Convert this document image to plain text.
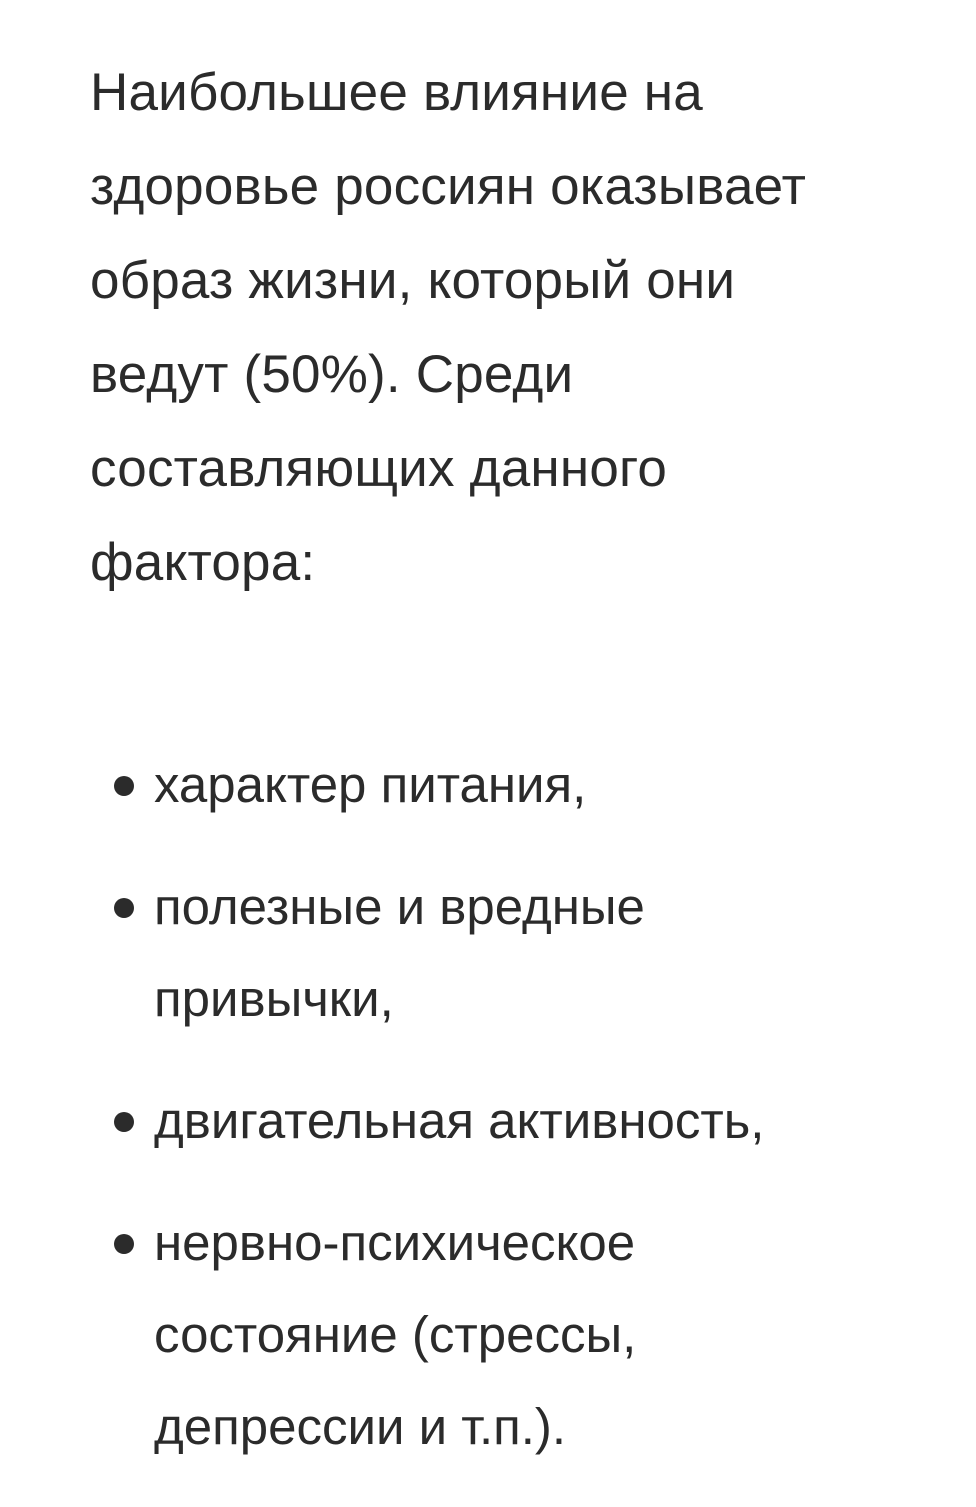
Наибольшее влияние на
здоровье россиян оказывает
образ жизни, который они
ведут (50%). Среди
составляющих данного
фактора:

характер питания,
полезные и вредные
привычки,
двигательная активность,
нервно-психическое
состояние (стрессы,
депрессии и т.п.).
